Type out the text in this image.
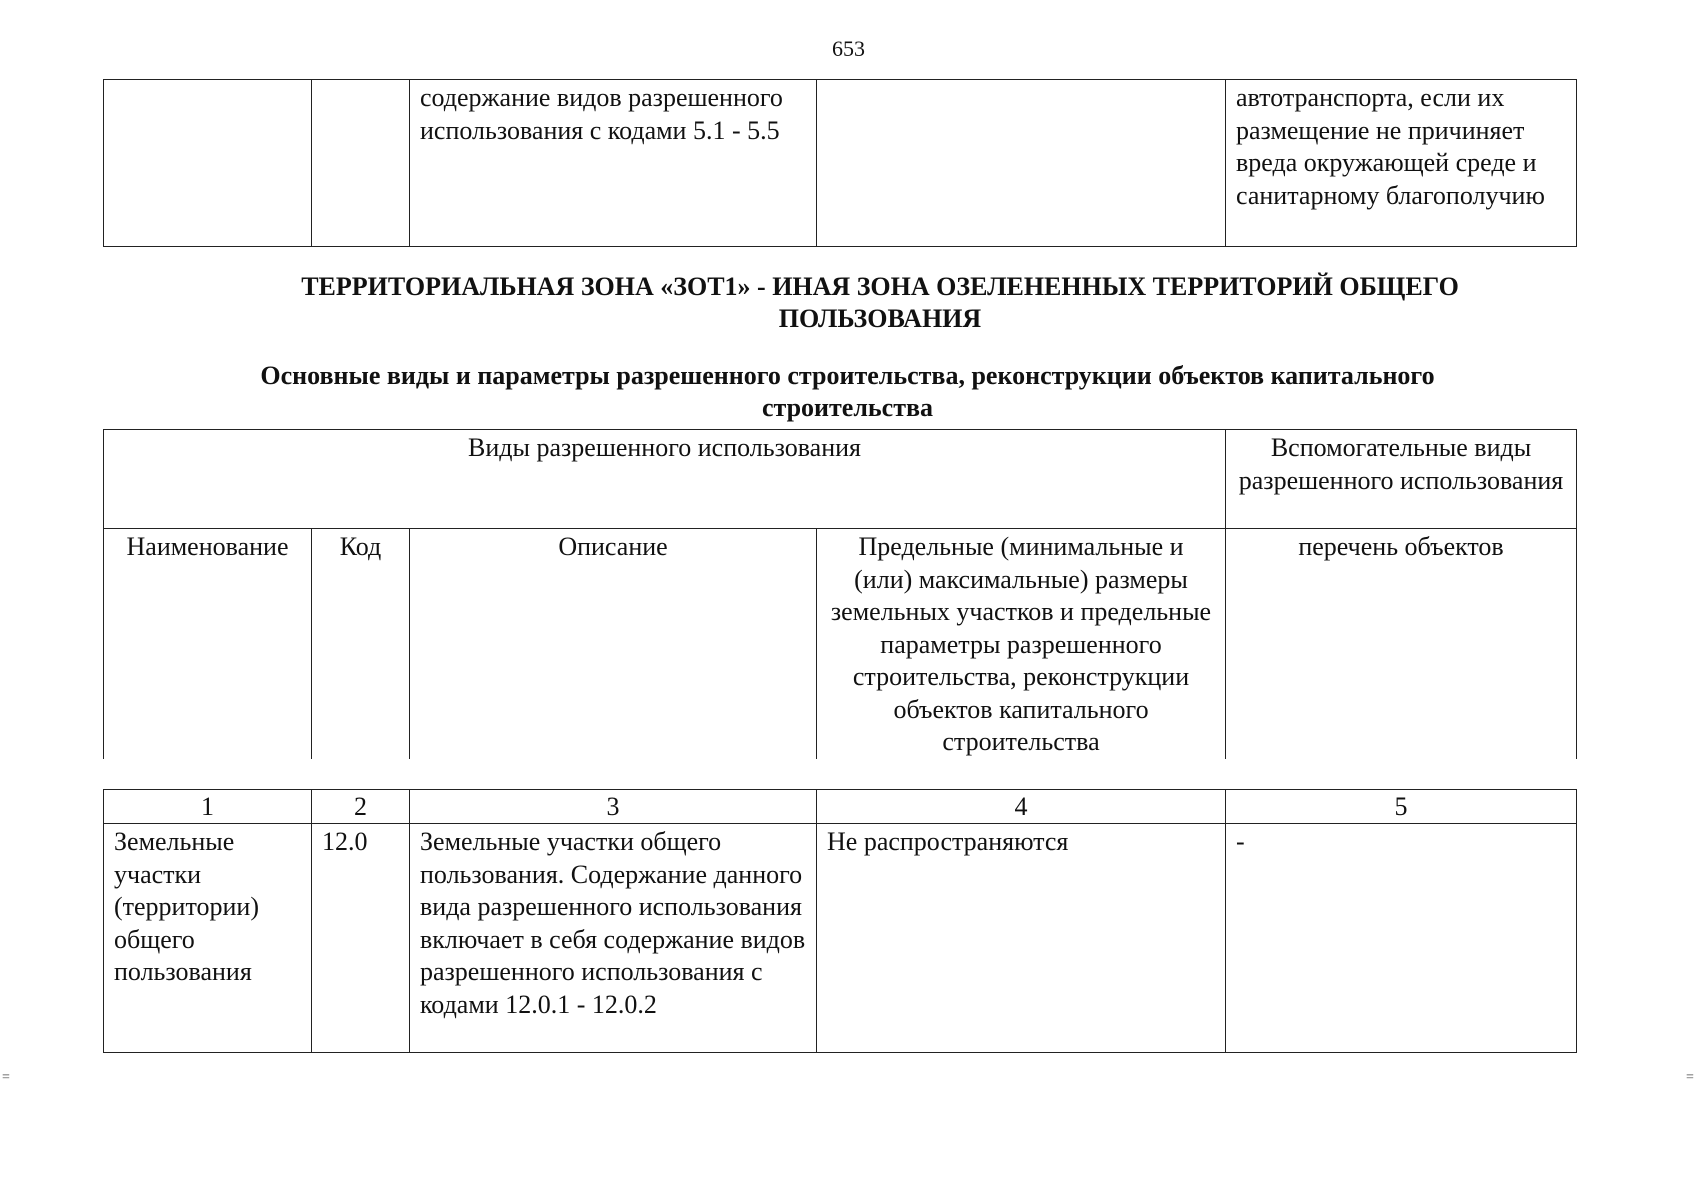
653
		содержание видов разрешенного использования с кодами 5.1 - 5.5		автотранспорта, если их размещение не причиняет вреда окружающей среде и санитарному благополучию
ТЕРРИТОРИАЛЬНАЯ ЗОНА «ЗОТ1» - ИНАЯ ЗОНА ОЗЕЛЕНЕННЫХ ТЕРРИТОРИЙ ОБЩЕГО ПОЛЬЗОВАНИЯ
Основные виды и параметры разрешенного строительства, реконструкции объектов капитального строительства
Виды разрешенного использования				Вспомогательные виды разрешенного использования
Наименование	Код	Описание	Предельные (минимальные и (или) максимальные) размеры земельных участков и предельные параметры разрешенного строительства, реконструкции объектов капитального строительства	перечень объектов
1	2	3	4	5
Земельные участки (территории) общего пользования	12.0	Земельные участки общего пользования. Содержание данного вида разрешенного использования включает в себя содержание видов разрешенного использования с кодами 12.0.1 - 12.0.2	Не распространяются	-
=	=
